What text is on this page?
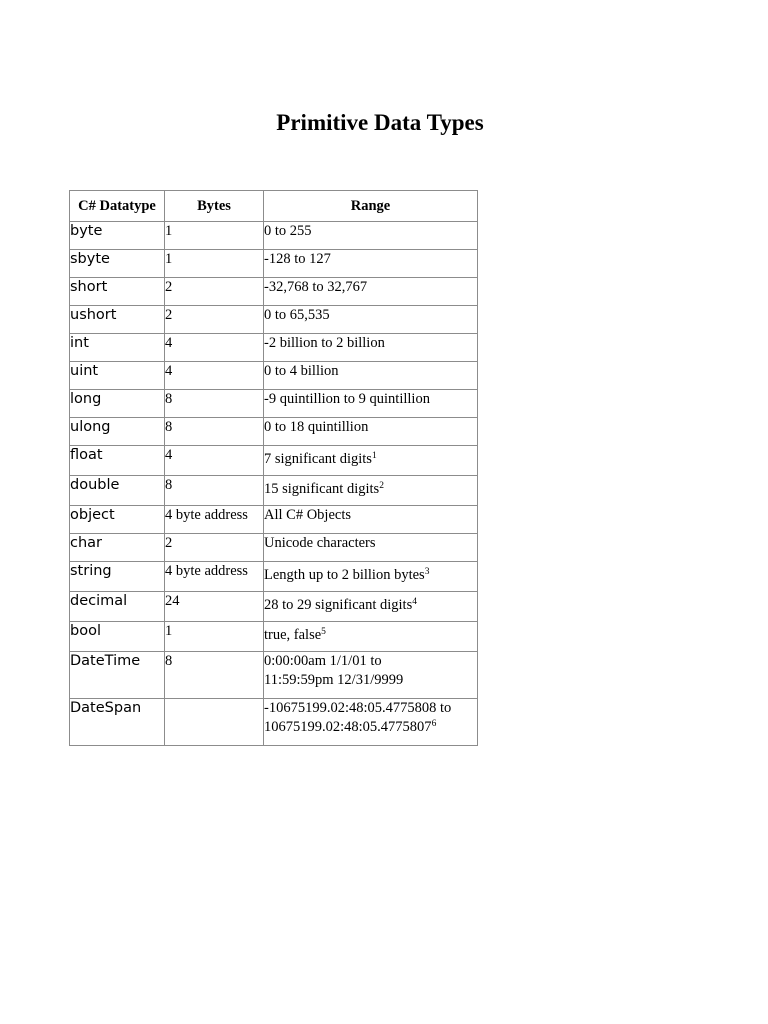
Primitive Data Types
C# Datatype	Bytes	Range
byte	1	0 to 255
sbyte	1	-128 to 127
short	2	-32,768 to 32,767
ushort	2	0 to 65,535
int	4	-2 billion to 2 billion
uint	4	0 to 4 billion
long	8	-9 quintillion to 9 quintillion
ulong	8	0 to 18 quintillion
float	4	7 significant digits$^1$

double	8	15 significant digits$^2$

object	4 byte address	All C# Objects
char	2	Unicode characters
string	4 byte address	Length up to 2 billion bytes$^3$

decimal	24	28 to 29 significant digits$^4$

bool	1	true, false$^5$

DateTime	8	0:00:00am 1/1/01 to
11:59:59pm 12/31/9999

DateSpan		-10675199.02:48:05.4775808 to
10675199.02:48:05.4775807$^6$
